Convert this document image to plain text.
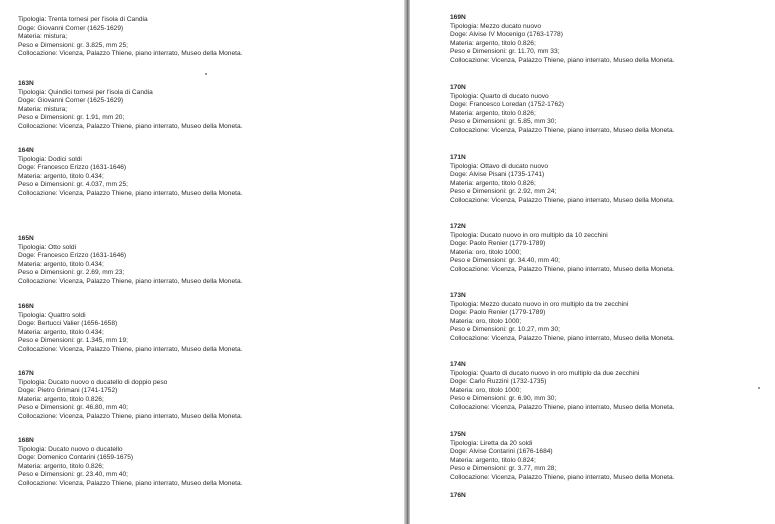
Tipologia: Trenta tornesi per l'isola di Candia
Doge: Giovanni Corner (1625-1629)
Materia: mistura;
Peso e Dimensioni: gr. 3.825, mm 25;
Collocazione: Vicenza, Palazzo Thiene, piano interrato, Museo della Moneta.
163N
Tipologia: Quindici tornesi per l'isola di Candia
Doge: Giovanni Corner (1625-1629)
Materia: mistura;
Peso e Dimensioni: gr. 1.91, mm 20;
Collocazione: Vicenza, Palazzo Thiene, piano interrato, Museo della Moneta.
164N
Tipologia: Dodici soldi
Doge: Francesco Erizzo (1631-1646)
Materia: argento, titolo 0.434;
Peso e Dimensioni: gr. 4.037, mm 25;
Collocazione: Vicenza, Palazzo Thiene, piano interrato, Museo della Moneta.
165N
Tipologia: Otto soldi
Doge: Francesco Erizzo (1631-1646)
Materia: argento, titolo 0.434;
Peso e Dimensioni: gr. 2.69, mm 23;
Collocazione: Vicenza, Palazzo Thiene, piano interrato, Museo della Moneta.
166N
Tipologia: Quattro soldi
Doge: Bertucci Valier (1656-1658)
Materia: argento, titolo 0.434;
Peso e Dimensioni: gr. 1.345, mm 19;
Collocazione: Vicenza, Palazzo Thiene, piano interrato, Museo della Moneta.
167N
Tipologia: Ducato nuovo o ducatello di doppio peso
Doge: Pietro Grimani (1741-1752)
Materia: argento, titolo 0.826;
Peso e Dimensioni: gr. 46.80, mm 40;
Collocazione: Vicenza, Palazzo Thiene, piano interrato, Museo della Moneta.
168N
Tipologia: Ducato nuovo o ducatello
Doge: Domenico Contarini (1659-1675)
Materia: argento, titolo 0.826;
Peso e Dimensioni: gr. 23.40, mm 40;
Collocazione: Vicenza, Palazzo Thiene, piano interrato, Museo della Moneta.
169N
Tipologia: Mezzo ducato nuovo
Doge: Alvise IV Mocenigo (1763-1778)
Materia: argento, titolo 0.826;
Peso e Dimensioni: gr. 11.70, mm 33;
Collocazione: Vicenza, Palazzo Thiene, piano interrato, Museo della Moneta.
170N
Tipologia: Quarto di ducato nuovo
Doge: Francesco Loredan (1752-1762)
Materia: argento, titolo 0.826;
Peso e Dimensioni: gr. 5.85, mm 30;
Collocazione: Vicenza, Palazzo Thiene, piano interrato, Museo della Moneta.
171N
Tipologia: Ottavo di ducato nuovo
Doge: Alvise Pisani (1735-1741)
Materia: argento, titolo 0.826;
Peso e Dimensioni: gr. 2.92, mm 24;
Collocazione: Vicenza, Palazzo Thiene, piano interrato, Museo della Moneta.
172N
Tipologia: Ducato nuovo in oro multiplo da 10 zecchini
Doge: Paolo Renier (1779-1789)
Materia: oro, titolo 1000;
Peso e Dimensioni: gr. 34.40, mm 40;
Collocazione: Vicenza, Palazzo Thiene, piano interrato, Museo della Moneta.
173N
Tipologia: Mezzo ducato nuovo in oro multiplo da tre zecchini
Doge: Paolo Renier (1779-1789)
Materia: oro, titolo 1000;
Peso e Dimensioni: gr. 10.27, mm 30;
Collocazione: Vicenza, Palazzo Thiene, piano interrato, Museo della Moneta.
174N
Tipologia: Quarto di ducato nuovo in oro multiplo da due zecchini
Doge: Carlo Ruzzini (1732-1735)
Materia: oro, titolo 1000;
Peso e Dimensioni: gr. 6.90, mm 30;
Collocazione: Vicenza, Palazzo Thiene, piano interrato, Museo della Moneta.
175N
Tipologia: Liretta da 20 soldi
Doge: Alvise Contarini (1676-1684)
Materia: argento, titolo 0.824;
Peso e Dimensioni: gr. 3.77, mm 28;
Collocazione: Vicenza, Palazzo Thiene, piano interrato, Museo della Moneta.
176N
